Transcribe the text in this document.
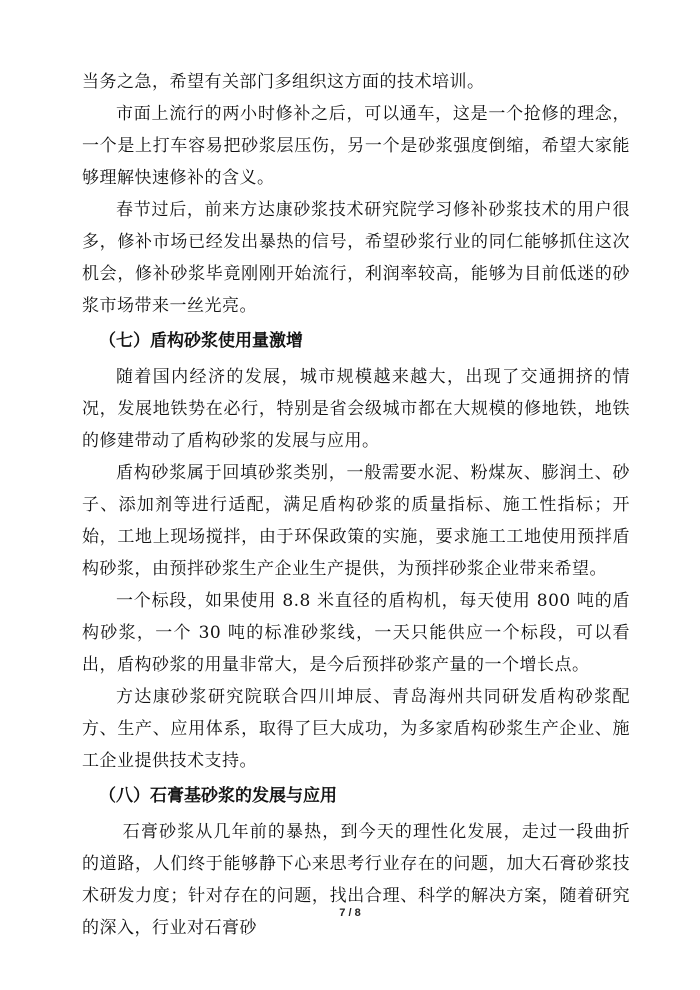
当务之急，希望有关部门多组织这方面的技术培训。

市面上流行的两小时修补之后，可以通车，这是一个抢修的理念，一个是上打车容易把砂浆层压伤，另一个是砂浆强度倒缩，希望大家能够理解快速修补的含义。

春节过后，前来方达康砂浆技术研究院学习修补砂浆技术的用户很多，修补市场已经发出暴热的信号，希望砂浆行业的同仁能够抓住这次机会，修补砂浆毕竟刚刚开始流行，利润率较高，能够为目前低迷的砂浆市场带来一丝光亮。

（七）盾构砂浆使用量激增

随着国内经济的发展，城市规模越来越大，出现了交通拥挤的情况，发展地铁势在必行，特别是省会级城市都在大规模的修地铁，地铁的修建带动了盾构砂浆的发展与应用。

盾构砂浆属于回填砂浆类别，一般需要水泥、粉煤灰、膨润土、砂子、添加剂等进行适配，满足盾构砂浆的质量指标、施工性指标；开始，工地上现场搅拌，由于环保政策的实施，要求施工工地使用预拌盾构砂浆，由预拌砂浆生产企业生产提供，为预拌砂浆企业带来希望。

一个标段，如果使用 8.8 米直径的盾构机，每天使用 800 吨的盾构砂浆，一个 30 吨的标准砂浆线，一天只能供应一个标段，可以看出，盾构砂浆的用量非常大，是今后预拌砂浆产量的一个增长点。

方达康砂浆研究院联合四川坤辰、青岛海州共同研发盾构砂浆配方、生产、应用体系，取得了巨大成功，为多家盾构砂浆生产企业、施工企业提供技术支持。

（八）石膏基砂浆的发展与应用

石膏砂浆从几年前的暴热，到今天的理性化发展，走过一段曲折的道路，人们终于能够静下心来思考行业存在的问题，加大石膏砂浆技术研发力度；针对存在的问题，找出合理、科学的解决方案，随着研究的深入，行业对石膏砂

7 / 8
